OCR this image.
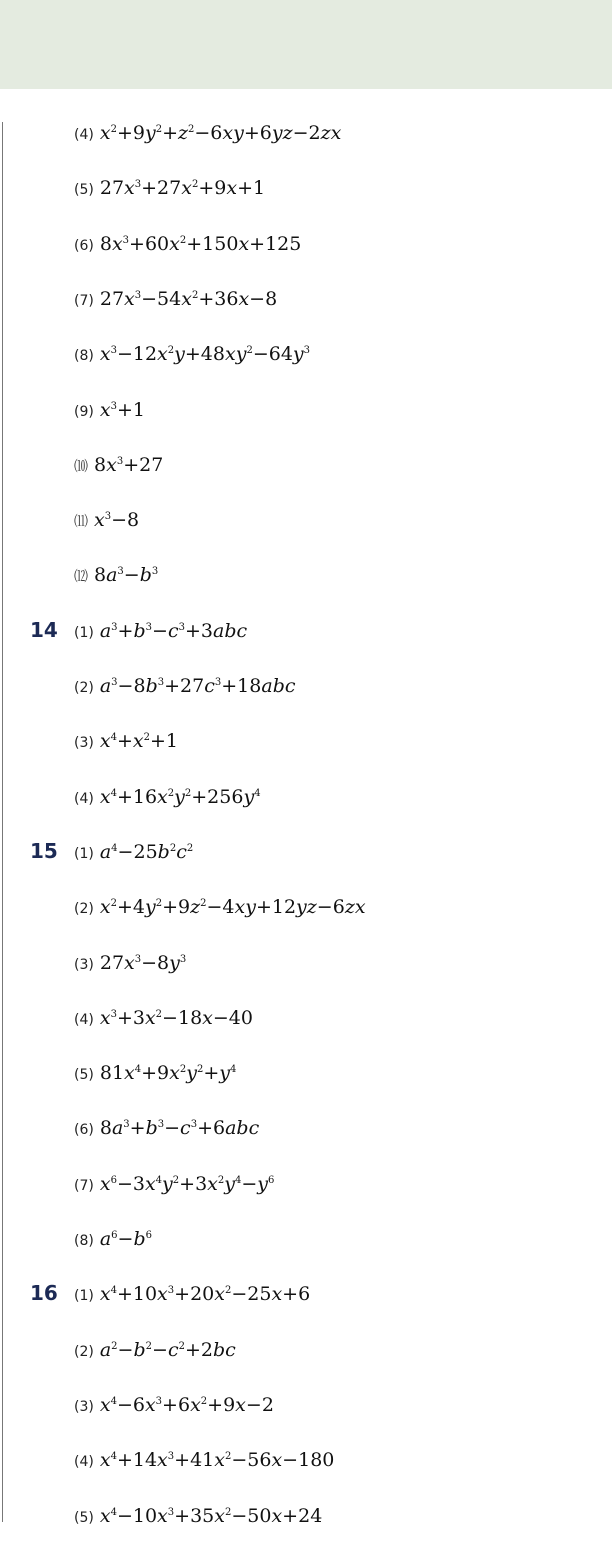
(4) $x^2+9y^2+z^2-6xy+6yz-2zx$
(5) $27x^3+27x^2+9x+1$
(6) $8x^3+60x^2+150x+125$
(7) $27x^3-54x^2+36x-8$
(8) $x^3-12x^2y+48xy^2-64y^3$
(9) $x^3+1$
⑽ $8x^3+27$
⑾ $x^3-8$
⑿ $8a^3-b^3$
(1) $a^3+b^3-c^3+3abc$
14
(2) $a^3-8b^3+27c^3+18abc$
(3) $x^4+x^2+1$
(4) $x^4+16x^2y^2+256y^4$
(1) $a^4-25b^2c^2$
15
(2) $x^2+4y^2+9z^2-4xy+12yz-6zx$
(3) $27x^3-8y^3$
(4) $x^3+3x^2-18x-40$
(5) $81x^4+9x^2y^2+y^4$
(6) $8a^3+b^3-c^3+6abc$
(7) $x^6-3x^4y^2+3x^2y^4-y^6$
(8) $a^6-b^6$
(1) $x^4+10x^3+20x^2-25x+6$
16
(2) $a^2-b^2-c^2+2bc$
(3) $x^4-6x^3+6x^2+9x-2$
(4) $x^4+14x^3+41x^2-56x-180$
(5) $x^4-10x^3+35x^2-50x+24$
